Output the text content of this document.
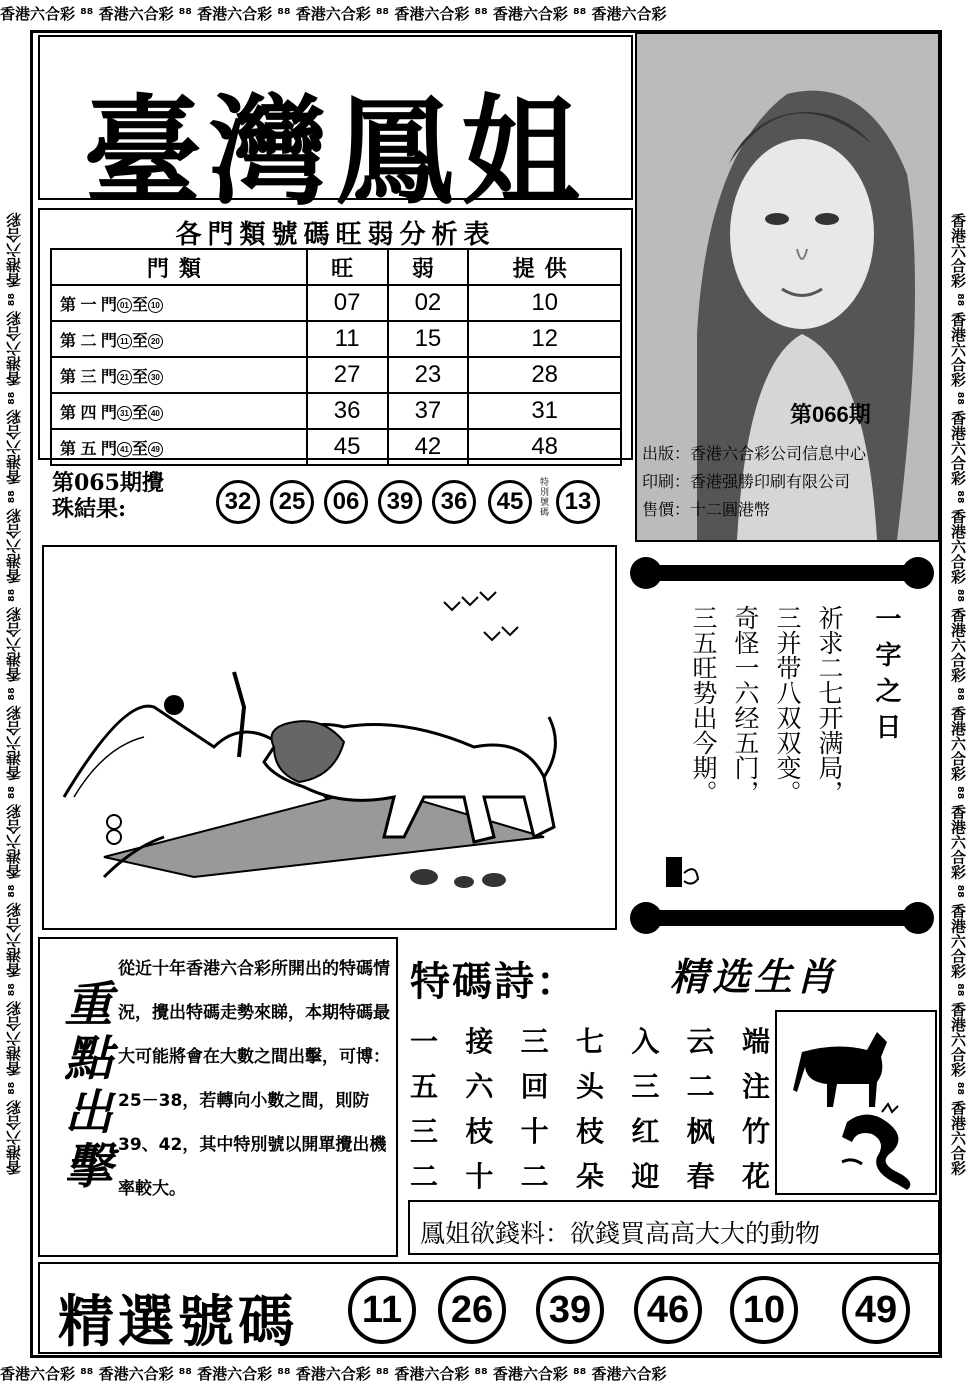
香港六合彩 ⁸⁸ 香港六合彩 ⁸⁸ 香港六合彩 ⁸⁸ 香港六合彩 ⁸⁸ 香港六合彩 ⁸⁸ 香港六合彩 ⁸⁸ 香港六合彩
香港六合彩 ⁸⁸ 香港六合彩 ⁸⁸ 香港六合彩 ⁸⁸ 香港六合彩 ⁸⁸ 香港六合彩 ⁸⁸ 香港六合彩 ⁸⁸ 香港六合彩
香港六合彩 ⁸⁸ 香港六合彩 ⁸⁸ 香港六合彩 ⁸⁸ 香港六合彩 ⁸⁸ 香港六合彩 ⁸⁸ 香港六合彩 ⁸⁸ 香港六合彩 ⁸⁸ 香港六合彩 ⁸⁸ 香港六合彩 ⁸⁸ 香港六合彩	香港六合彩 ⁸⁸ 香港六合彩 ⁸⁸ 香港六合彩 ⁸⁸ 香港六合彩 ⁸⁸ 香港六合彩 ⁸⁸ 香港六合彩 ⁸⁸ 香港六合彩 ⁸⁸ 香港六合彩 ⁸⁸ 香港六合彩 ⁸⁸ 香港六合彩
臺灣鳳姐
第066期
出版：香港六合彩公司信息中心
印刷：香港强勝印刷有限公司
售價：十二圓港幣
各門類號碼旺弱分析表
門類	旺	弱	提供
第 一 門 01 至 10	07	02	10
第 二 門 11 至 20	11	15	12
第 三 門 21 至 30	27	23	28
第 四 門 31 至 40	36	37	31
第 五 門 41 至 49	45	42	48
第065期攪
珠結果:	32	25	06	39	36	45
特別號碼 13
一字之日
祈求二七开满局，
三并带八双双变。
奇怪一六经五门，
三五旺势出今期。
重點出擊
從近十年香港六合彩所開出的特碼情況，攪出特碼走勢來睇，本期特碼最大可能將會在大數之間出擊，可博：25－38，若轉向小數之間，則防 39、42，其中特別號以開單攪出機率較大。
特碼詩： 精选生肖
一 接 三 七 入 云 端
五 六 回 头 三 二 注
三 枝 十 枝 红 枫 竹
二 十 二 朵 迎 春 花
鳳姐欲錢料：欲錢買高高大大的動物
精選號碼	11	26	39	46	10	49
